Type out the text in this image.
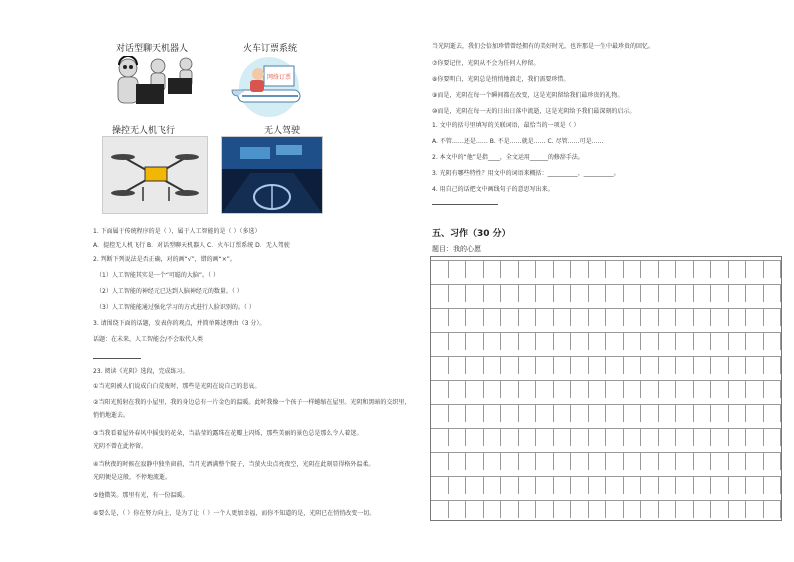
对话型聊天机器人	火车订票系统
网络订票
操控无人机飞行	无人驾驶
1. 下面属于传统程序的是（ ），属于人工智能的是（ ）（多选）
A．提控无人机飞行 B．对话型聊天机器人 C．火车订票系统 D．无人驾驶
2. 判断下列说法是否正确，对的画“√”，错的画“×”。
（1）人工智能其实是一个“可聪的大脑”。（ ）
（2）人工智能的神经元已达到人脑神经元的数量。（ ）
（3）人工智能能通过强化学习的方式进行人脸识别的。（ ）
3. 请围绕下面的话题，发表你的观点，并简单陈述理由（3 分）。
话题：在未来，人工智能会/不会取代人类
23. 阅读《光阴》选段，完成练习。
①当光阴被人们说成白白荒废时，那些是光阴在说自己的悲哀。
②当阳光照射在我的小屋里，我的身边总有一片金色的温暖。此时我像一个孩子一样蜷缩在屋里。光阴和黑暗的交织里，
悄悄地逝去。
③当我看着屋外春风中摇曳的花朵，当晶莹的露珠在花瓣上闪烁，那些美丽的景色总是那么令人着迷。
光阴不曾在此停留。
④当秋夜的时候在寂静中独坐窗前，当月光洒满整个院子，当萤火虫点亮夜空，光阴在此刻显得格外温柔。
光阴便是这般，不停地流逝。
⑤他微笑。那里有光，有一份温暖。
⑥要么是，（ ）你在努力向上，是为了让（ ）一个人更加幸福，而你不知道的是，光阴已在悄悄改变一切。
当光阴逝去，我们会倍加珍惜曾经拥有的美好时光，也许那是一生中最珍贵的回忆。
⑦你要记住，光阴从不会为任何人停留。
⑧你要明白，光阴总是悄悄地溜走，我们需要珍惜。
⑨而是，光阴在每一个瞬间都在改变，这是光阴留给我们最珍贵的礼物。
⑩而是，光阴在每一天的日出日落中流逝，这是光阴给予我们最深刻的启示。
1. 文中的括号里填写的关联词语，最恰当的一项是（ ）
A. 不管……还是…… B. 不是……就是…… C. 尽管……可是……
2. 本文中的“他”是指____，全文运用______的修辞手法。
3. 光阴有哪些特性？用文中的词语来概括：__________、__________。
4. 用自己的话把文中画线句子的意思写出来。
五、习作（30 分）
题目：我的心愿
